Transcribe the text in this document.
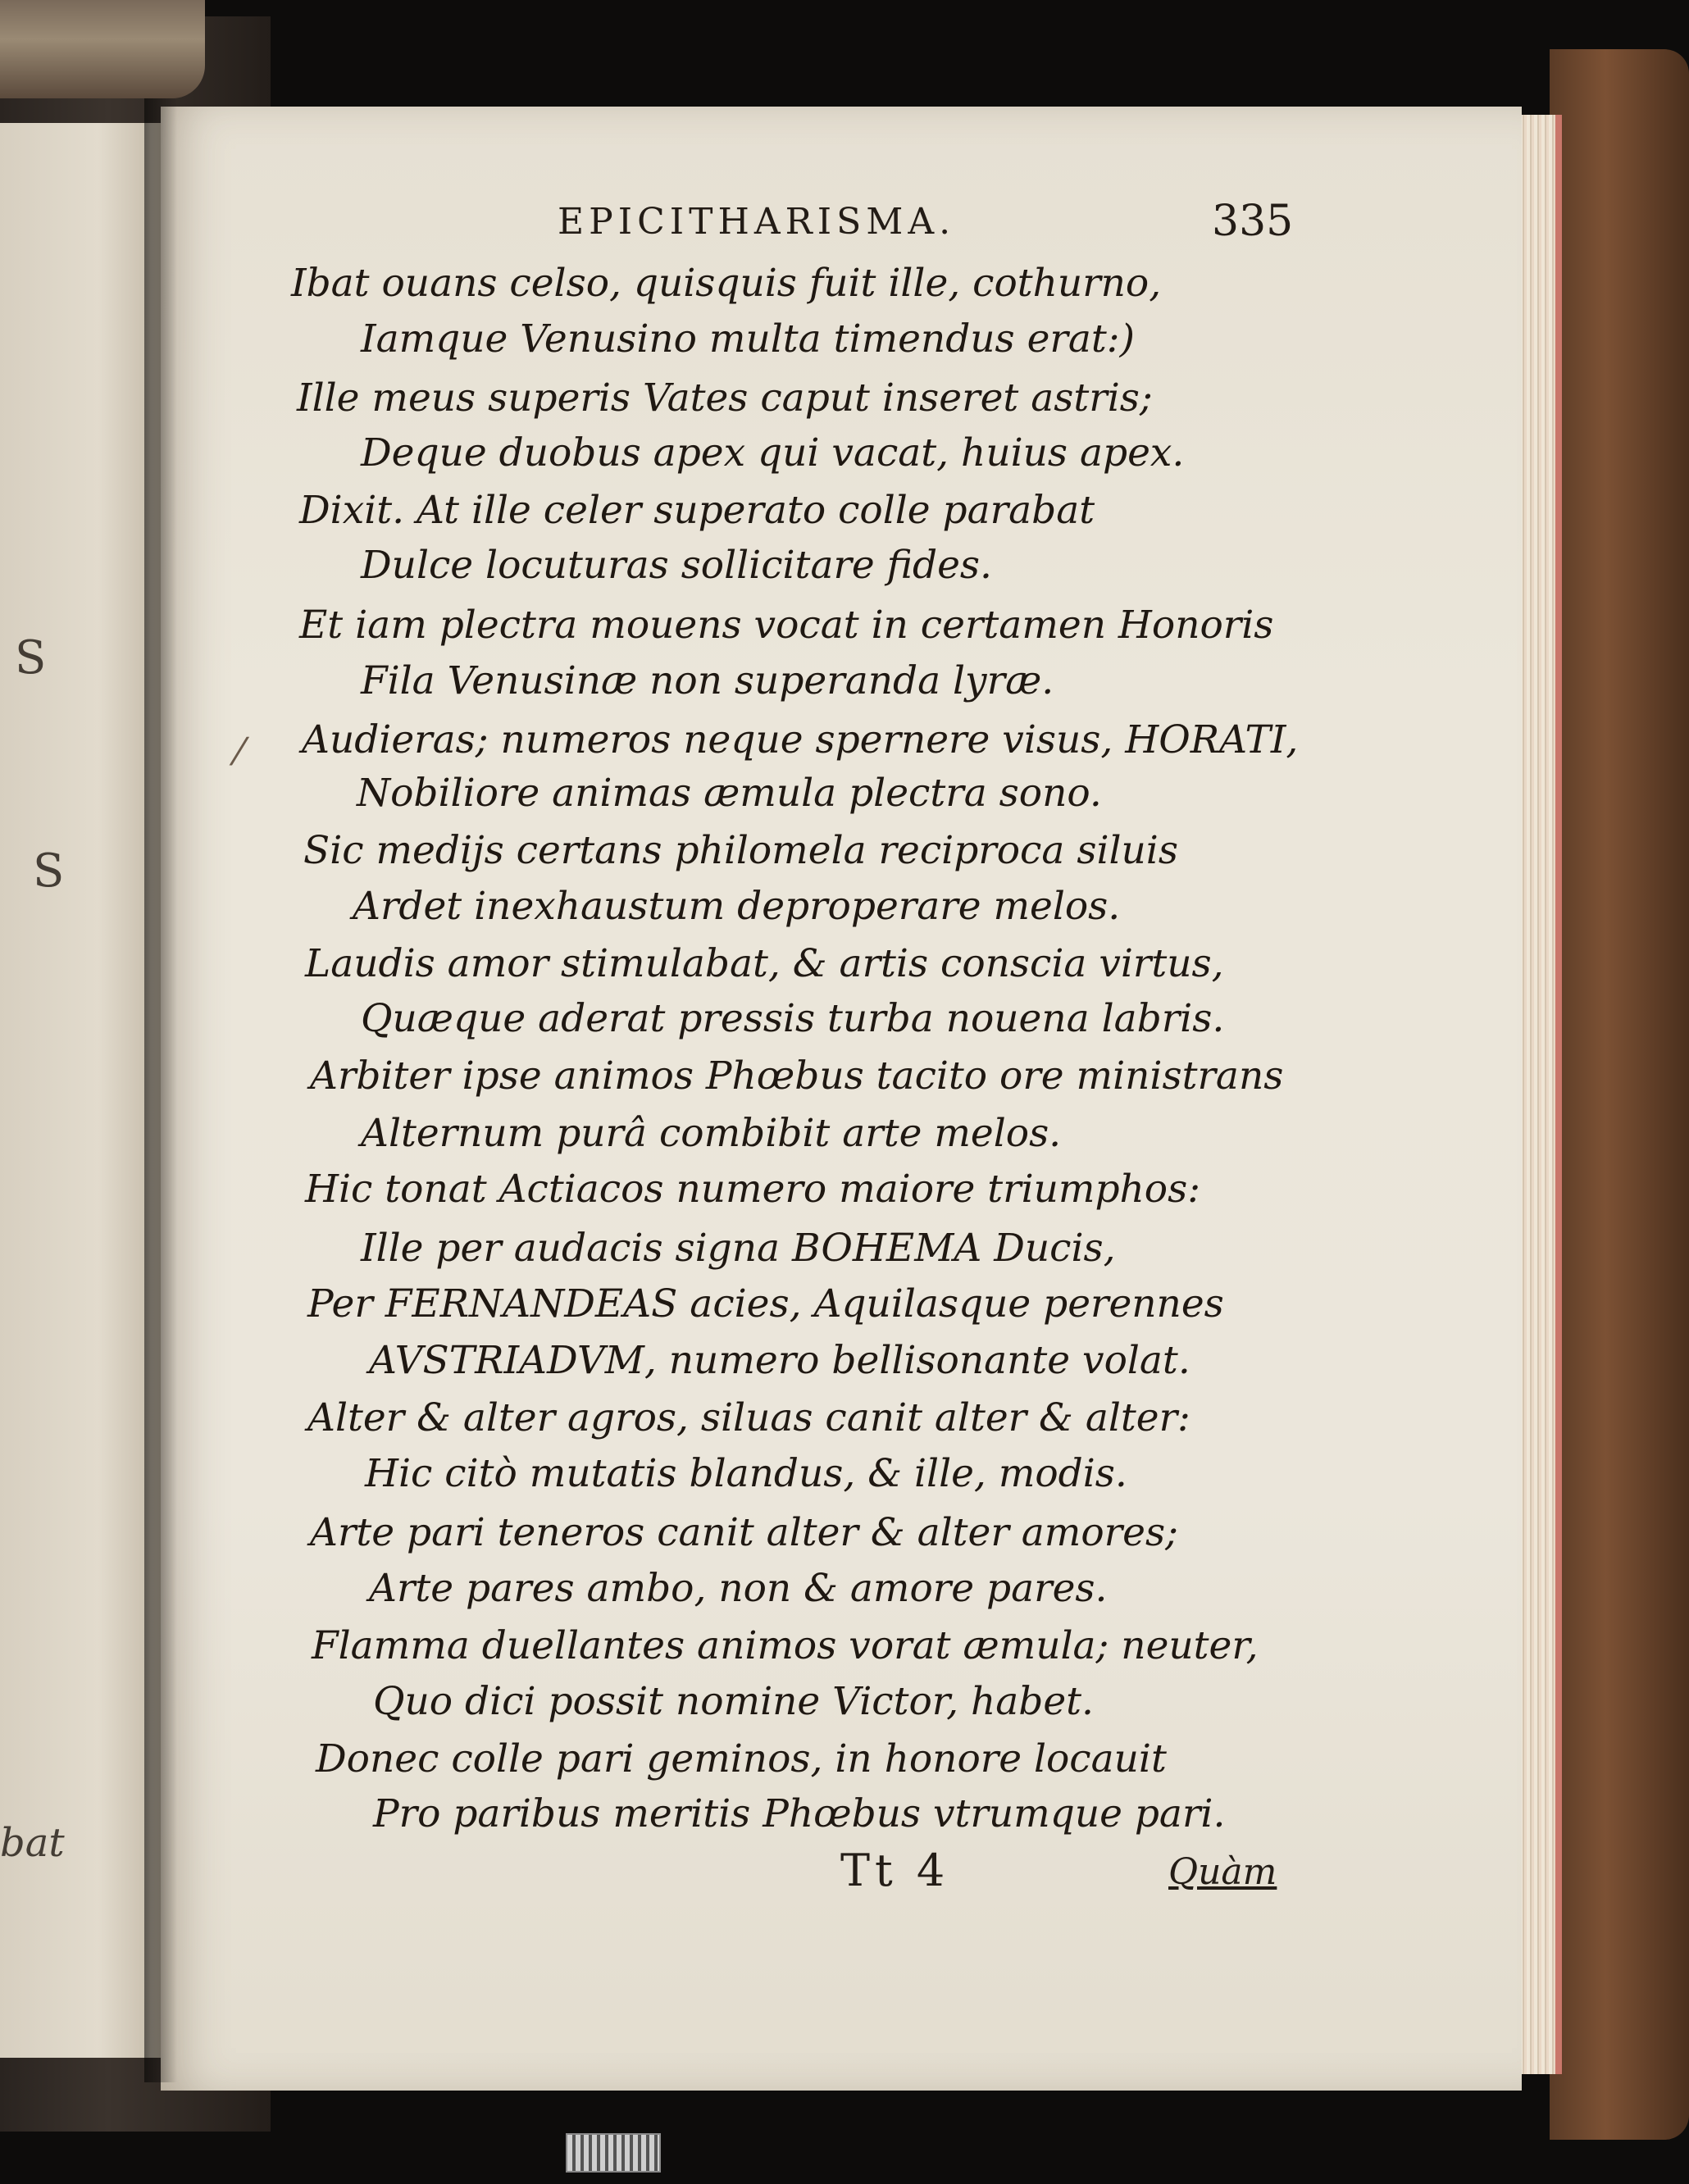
S
S
bat
EPICITHARISMA.	335
Ibat ouans celso, quisquis fuit ille, cothurno,
Iamque Venusino multa timendus erat:)
Ille meus superis Vates caput inseret astris;
Deque duobus apex qui vacat, huius apex.
Dixit. At ille celer superato colle parabat
Dulce locuturas sollicitare fides.
Et iam plectra mouens vocat in certamen Honoris
Fila Venusinæ non superanda lyræ.
Audieras; numeros neque spernere visus, HORATI,
Nobiliore animas æmula plectra sono.
Sic medijs certans philomela reciproca siluis
Ardet inexhaustum deproperare melos.
Laudis amor stimulabat, & artis conscia virtus,
Quæque aderat pressis turba nouena labris.
Arbiter ipse animos Phœbus tacito ore ministrans
Alternum purâ combibit arte melos.
Hic tonat Actiacos numero maiore triumphos:
Ille per audacis signa BOHEMA Ducis,
Per FERNANDEAS acies, Aquilasque perennes
AVSTRIADVM, numero bellisonante volat.
Alter & alter agros, siluas canit alter & alter:
Hic citò mutatis blandus, & ille, modis.
Arte pari teneros canit alter & alter amores;
Arte pares ambo, non & amore pares.
Flamma duellantes animos vorat æmula; neuter,
Quo dici possit nomine Victor, habet.
Donec colle pari geminos, in honore locauit
Pro paribus meritis Phœbus vtrumque pari.
⁄
Tt 4	Quàm
